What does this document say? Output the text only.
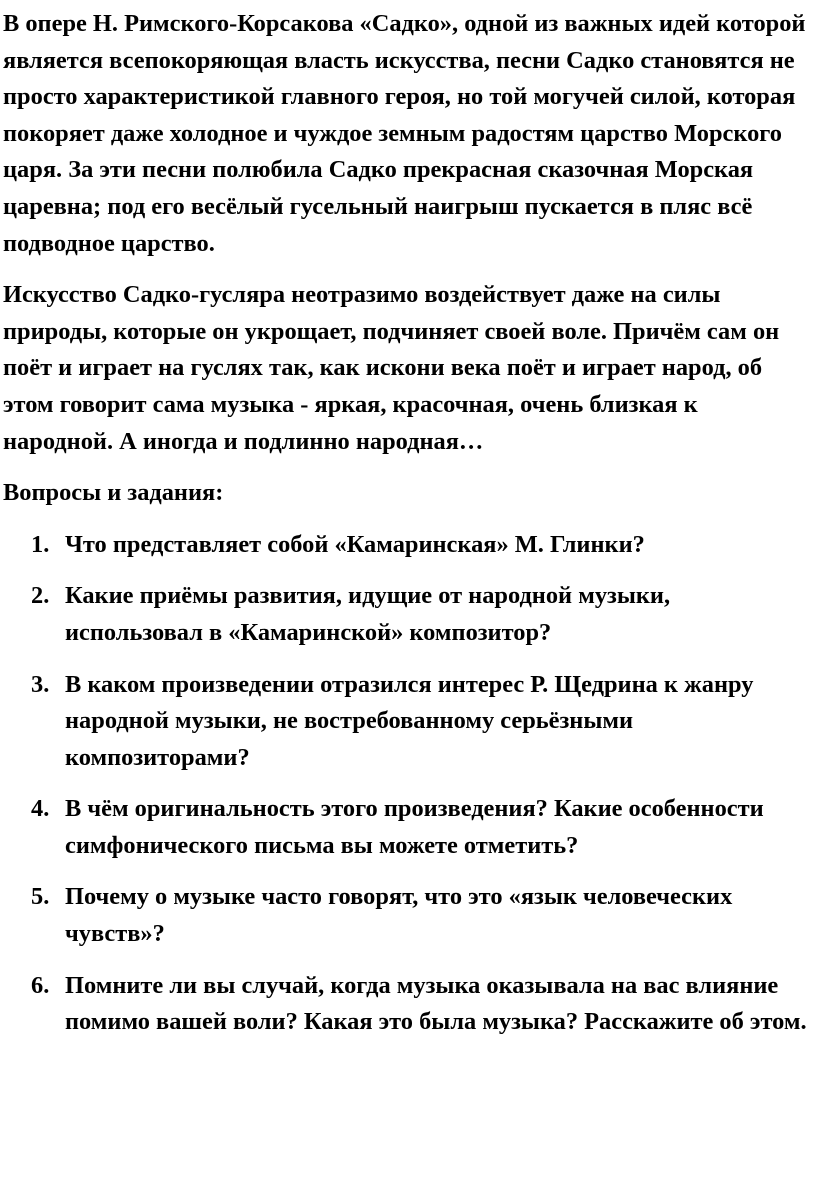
В опере Н. Римского-Корсакова «Садко», одной из важных идей которой является всепокоряющая власть искусства, песни Садко становятся не просто характеристикой главного героя, но той могучей силой, которая покоряет даже холодное и чуждое земным радостям царство Морского царя. За эти песни полюбила Садко прекрасная сказочная Морская царевна; под его весёлый гусельный наигрыш пускается в пляс всё подводное царство.

Искусство Садко-гусляра неотразимо воздействует даже на силы природы, которые он укрощает, подчиняет своей воле. Причём сам он поёт и играет на гуслях так, как искони века поёт и играет народ, об этом говорит сама музыка - яркая, красочная, очень близкая к народной. А иногда и подлинно народная…

Вопросы и задания:
1. Что представляет собой «Камаринская» М. Глинки?
2. Какие приёмы развития, идущие от народной музыки, использовал в «Камаринской» композитор?
3. В каком произведении отразился интерес Р. Щедрина к жанру народной музыки, не востребованному серьёзными композиторами?
4. В чём оригинальность этого произведения? Какие особенности симфонического письма вы можете отметить?
5. Почему о музыке часто говорят, что это «язык человеческих чувств»?
6. Помните ли вы случай, когда музыка оказывала на вас влияние помимо вашей воли? Какая это была музыка? Расскажите об этом.
